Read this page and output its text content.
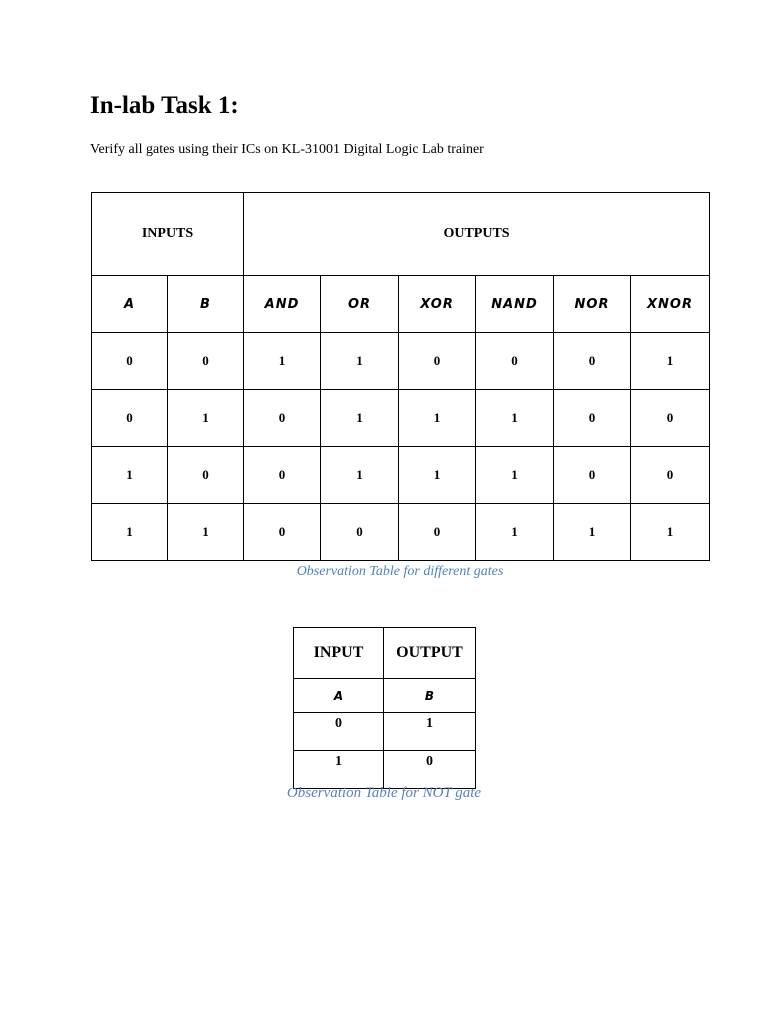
In-lab Task 1:

Verify all gates using their ICs on KL-31001 Digital Logic Lab trainer

INPUTS		OUTPUTS					
A	B	AND	OR	XOR	NAND	NOR	XNOR
0	0	1	1	0	0	0	1
0	1	0	1	1	1	0	0
1	0	0	1	1	1	0	0
1	1	0	0	0	1	1	1

Observation Table for different gates

INPUT	OUTPUT
A	B
0	1
1	0

Observation Table for NOT gate
